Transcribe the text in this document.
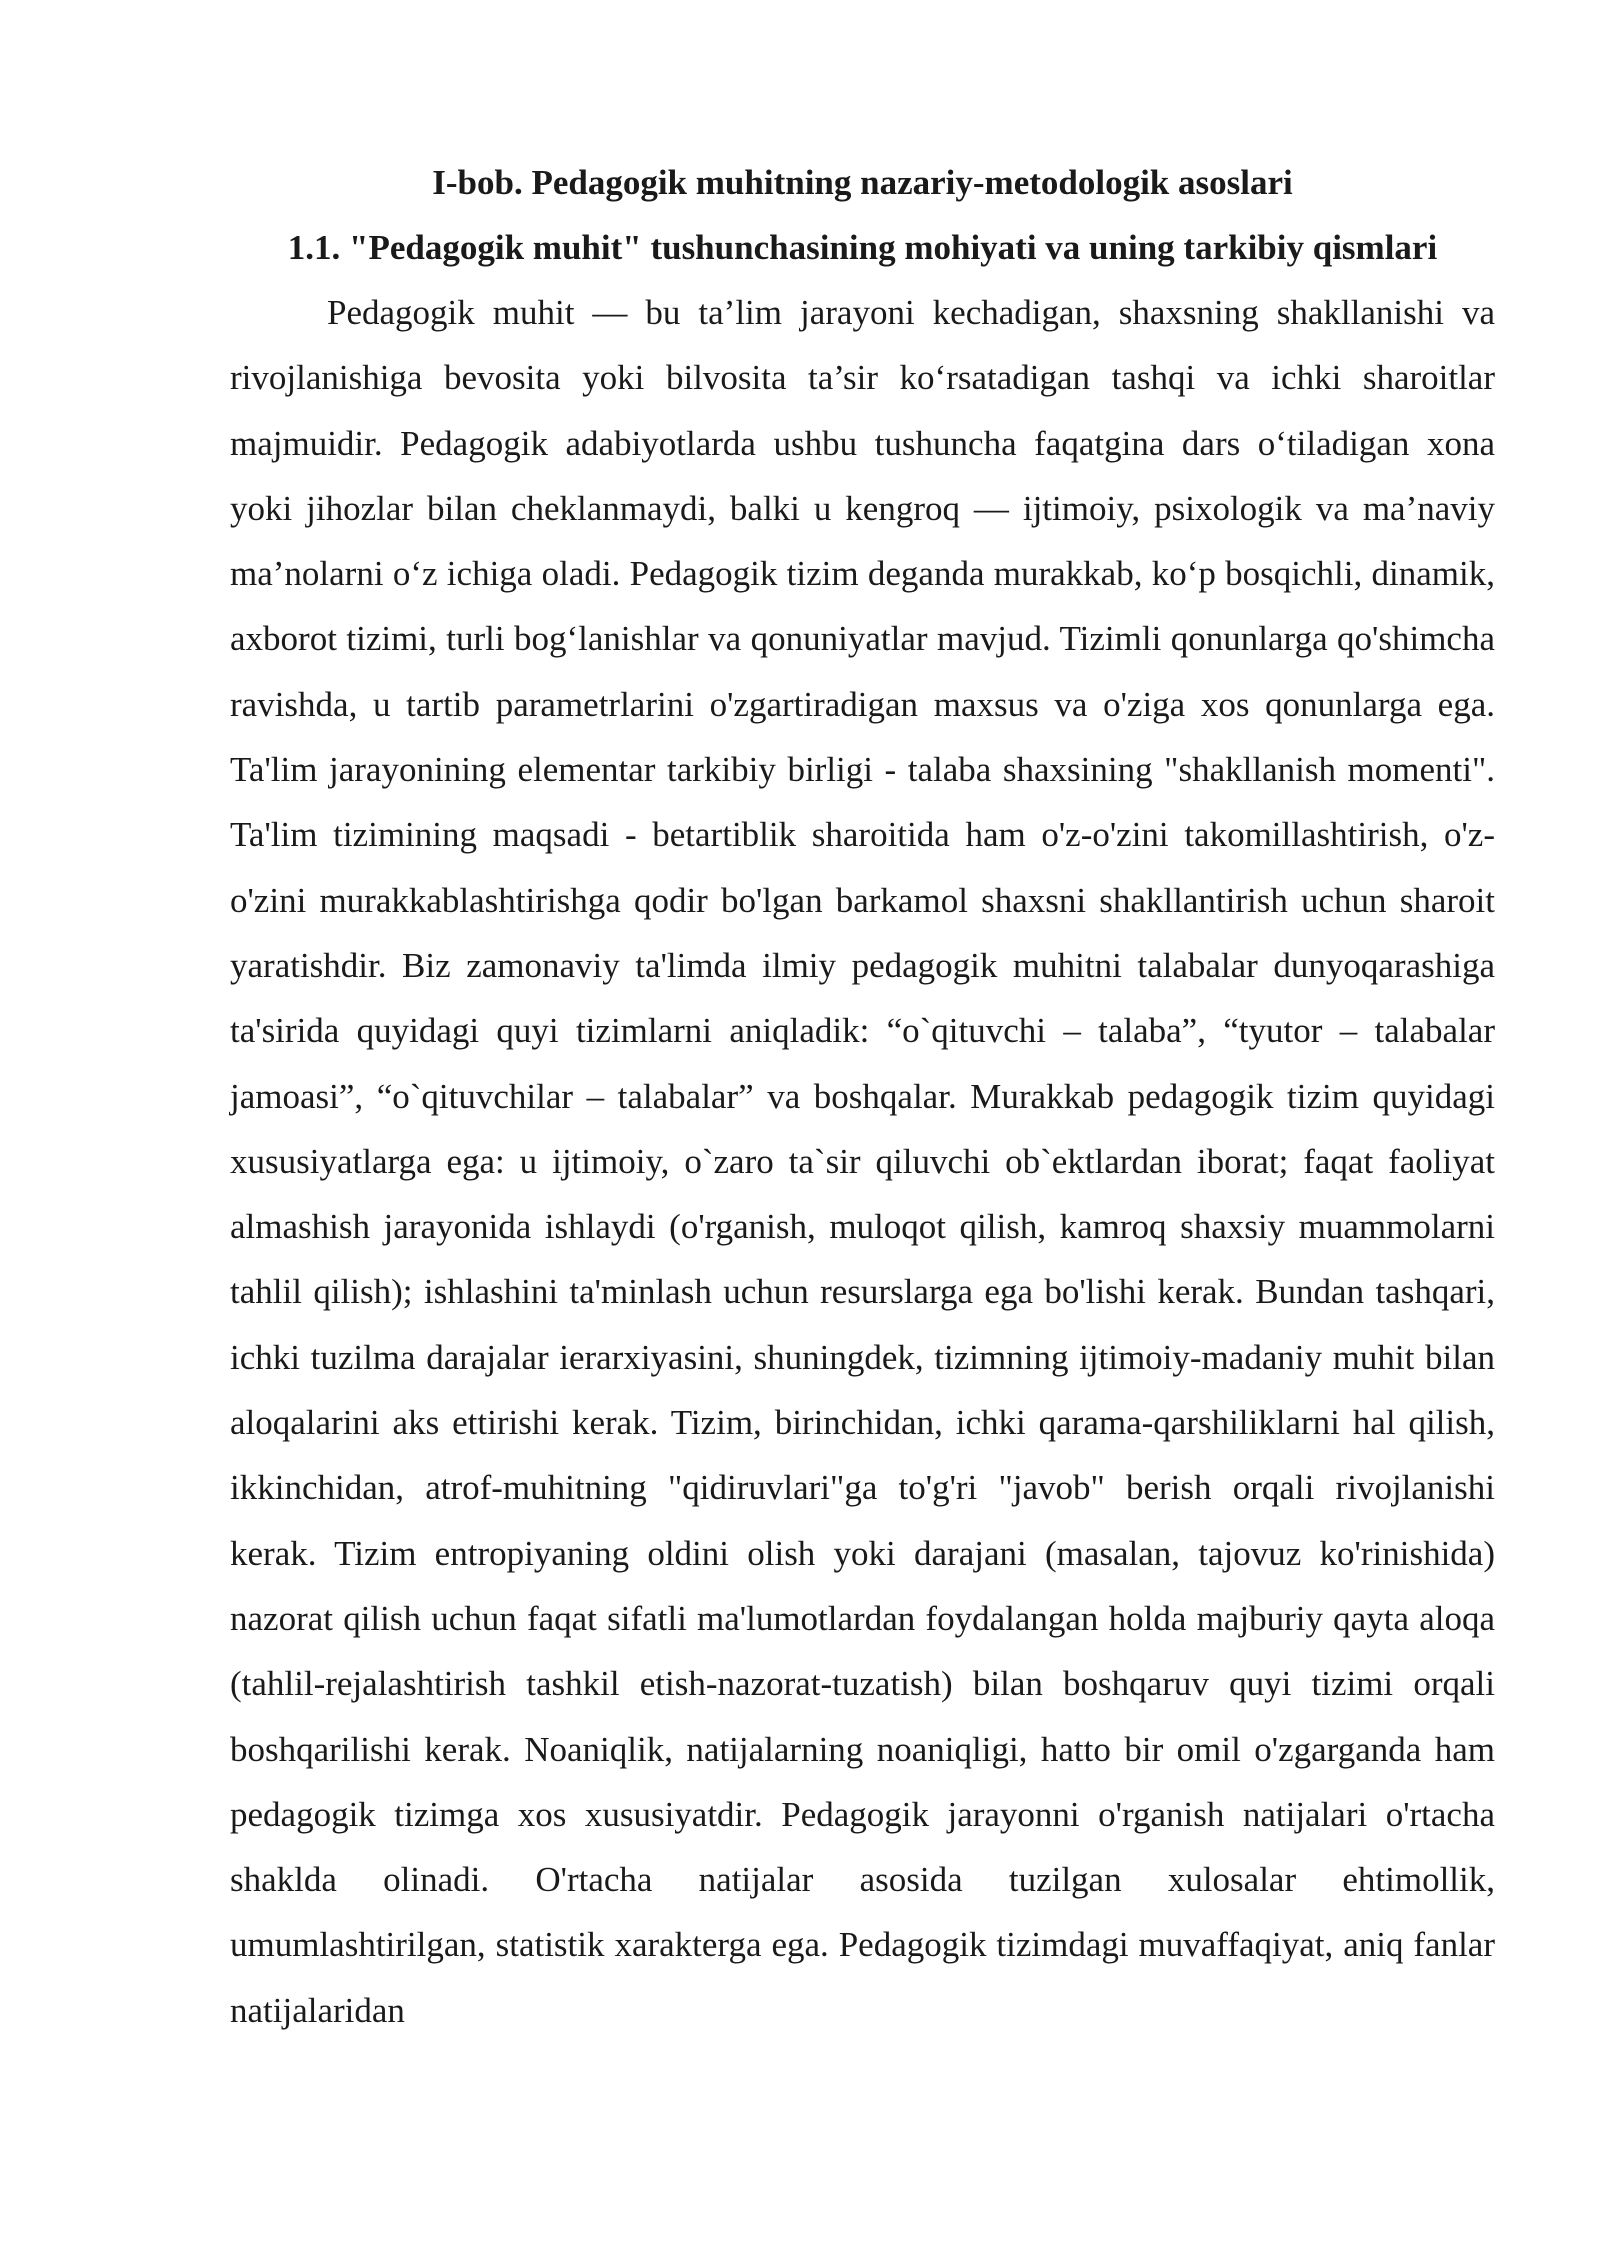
I-bob. Pedagogik muhitning nazariy-metodologik asoslari
1.1. "Pedagogik muhit" tushunchasining mohiyati va uning tarkibiy qismlari

Pedagogik muhit — bu ta’lim jarayoni kechadigan, shaxsning shakllanishi va rivojlanishiga bevosita yoki bilvosita ta’sir ko‘rsatadigan tashqi va ichki sharoitlar majmuidir. Pedagogik adabiyotlarda ushbu tushuncha faqatgina dars o‘tiladigan xona yoki jihozlar bilan cheklanmaydi, balki u kengroq — ijtimoiy, psixologik va ma’naviy ma’nolarni o‘z ichiga oladi. Pedagogik tizim deganda murakkab, ko‘p bosqichli, dinamik, axborot tizimi, turli bog‘lanishlar va qonuniyatlar mavjud. Tizimli qonunlarga qo'shimcha ravishda, u tartib parametrlarini o'zgartiradigan maxsus va o'ziga xos qonunlarga ega. Ta'lim jarayonining elementar tarkibiy birligi - talaba shaxsining "shakllanish momenti". Ta'lim tizimining maqsadi - betartiblik sharoitida ham o'z-o'zini takomillashtirish, o'z-o'zini murakkablashtirishga qodir bo'lgan barkamol shaxsni shakllantirish uchun sharoit yaratishdir. Biz zamonaviy ta'limda ilmiy pedagogik muhitni talabalar dunyoqarashiga ta'sirida quyidagi quyi tizimlarni aniqladik: “o`qituvchi – talaba”, “tyutor – talabalar jamoasi”, “o`qituvchilar – talabalar” va boshqalar. Murakkab pedagogik tizim quyidagi xususiyatlarga ega: u ijtimoiy, o`zaro ta`sir qiluvchi ob`ektlardan iborat; faqat faoliyat almashish jarayonida ishlaydi (o'rganish, muloqot qilish, kamroq shaxsiy muammolarni tahlil qilish); ishlashini ta'minlash uchun resurslarga ega bo'lishi kerak. Bundan tashqari, ichki tuzilma darajalar ierarxiyasini, shuningdek, tizimning ijtimoiy-madaniy muhit bilan aloqalarini aks ettirishi kerak. Tizim, birinchidan, ichki qarama-qarshiliklarni hal qilish, ikkinchidan, atrof-muhitning "qidiruvlari"ga to'g'ri "javob" berish orqali rivojlanishi kerak. Tizim entropiyaning oldini olish yoki darajani (masalan, tajovuz ko'rinishida) nazorat qilish uchun faqat sifatli ma'lumotlardan foydalangan holda majburiy qayta aloqa (tahlil-rejalashtirish tashkil etish-nazorat-tuzatish) bilan boshqaruv quyi tizimi orqali boshqarilishi kerak. Noaniqlik, natijalarning noaniqligi, hatto bir omil o'zgarganda ham pedagogik tizimga xos xususiyatdir. Pedagogik jarayonni o'rganish natijalari o'rtacha shaklda olinadi. O'rtacha natijalar asosida tuzilgan xulosalar ehtimollik, umumlashtirilgan, statistik xarakterga ega. Pedagogik tizimdagi muvaffaqiyat, aniq fanlar natijalaridan
